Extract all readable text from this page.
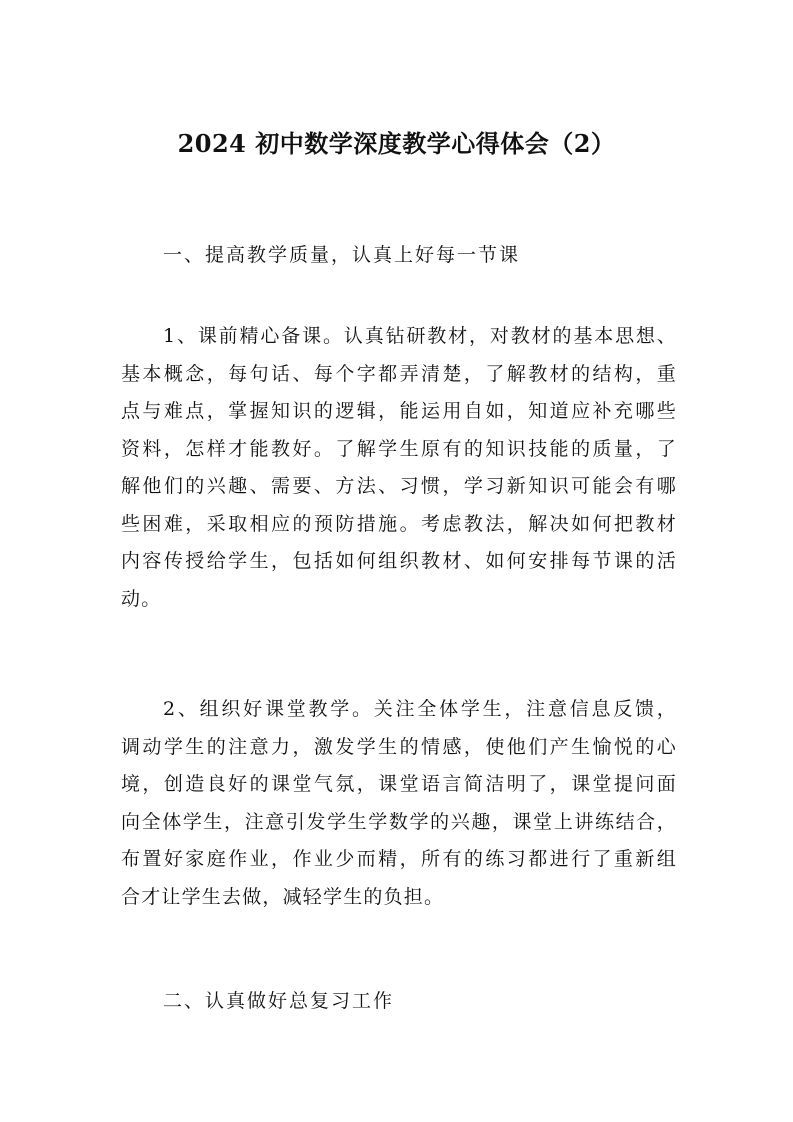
2024 初中数学深度教学心得体会（2）
一、提高教学质量，认真上好每一节课
1、课前精心备课。认真钻研教材，对教材的基本思想、
基本概念，每句话、每个字都弄清楚，了解教材的结构，重
点与难点，掌握知识的逻辑，能运用自如，知道应补充哪些
资料，怎样才能教好。了解学生原有的知识技能的质量，了
解他们的兴趣、需要、方法、习惯，学习新知识可能会有哪
些困难，采取相应的预防措施。考虑教法，解决如何把教材
内容传授给学生，包括如何组织教材、如何安排每节课的活
动。
2、组织好课堂教学。关注全体学生，注意信息反馈，
调动学生的注意力，激发学生的情感，使他们产生愉悦的心
境，创造良好的课堂气氛，课堂语言简洁明了，课堂提问面
向全体学生，注意引发学生学数学的兴趣，课堂上讲练结合，
布置好家庭作业，作业少而精，所有的练习都进行了重新组
合才让学生去做，减轻学生的负担。
二、认真做好总复习工作
